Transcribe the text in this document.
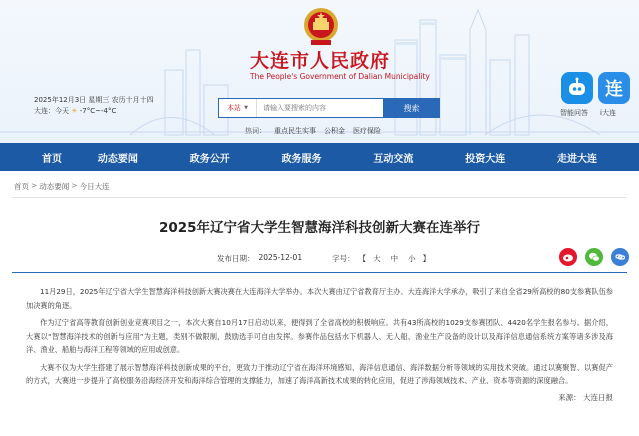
大连市人民政府
The People's Government of Dalian Municipality
2025年12月3日 星期三 农历十月十四
大连：今天 ☀ -7°C~-4°C	本站 ▼
请输入要搜索的内容	搜索
热词： 重点民生实事 公积金 医疗保险
连
智能问答 i大连
首页	动态要闻	政务公开	政务服务	互动交流	投资大连	走进大连
首页 > 动态要闻 > 今日大连
2025年辽宁省大学生智慧海洋科技创新大赛在连举行
发布日期： 2025-12-01	字号： 【 大	中	小 】

11月29日，2025年辽宁省大学生智慧海洋科技创新大赛决赛在大连海洋大学举办。本次大赛由辽宁省教育厅主办、大连海洋大学承办，吸引了来自全省29所高校的80支参赛队伍参加决赛的角逐。

作为辽宁省高等教育创新创业竞赛项目之一，本次大赛自10月17日启动以来，便得到了全省高校的积极响应。共有43所高校的1029支参赛团队、4420名学生报名参与。据介绍，大赛以“智慧海洋技术的创新与应用”为主题，类别不做限制，鼓励选手可自由发挥。参赛作品包括水下机器人、无人船、渔业生产设备的设计以及海洋信息通信系统方案等诸多涉及海洋、渔业、船舶与海洋工程等领域的应用或创意。

大赛不仅为大学生搭建了展示智慧海洋科技创新成果的平台，更致力于推动辽宁省在海洋环境感知、海洋信息通信、海洋数据分析等领域的实用技术突破。通过以赛聚智、以赛促产的方式，大赛进一步提升了高校服务沿海经济开发和海洋综合管理的支撑能力，加速了海洋高新技术成果的转化应用，促进了涉海领域技术、产业、资本等资源的深度融合。

来源： 大连日报
